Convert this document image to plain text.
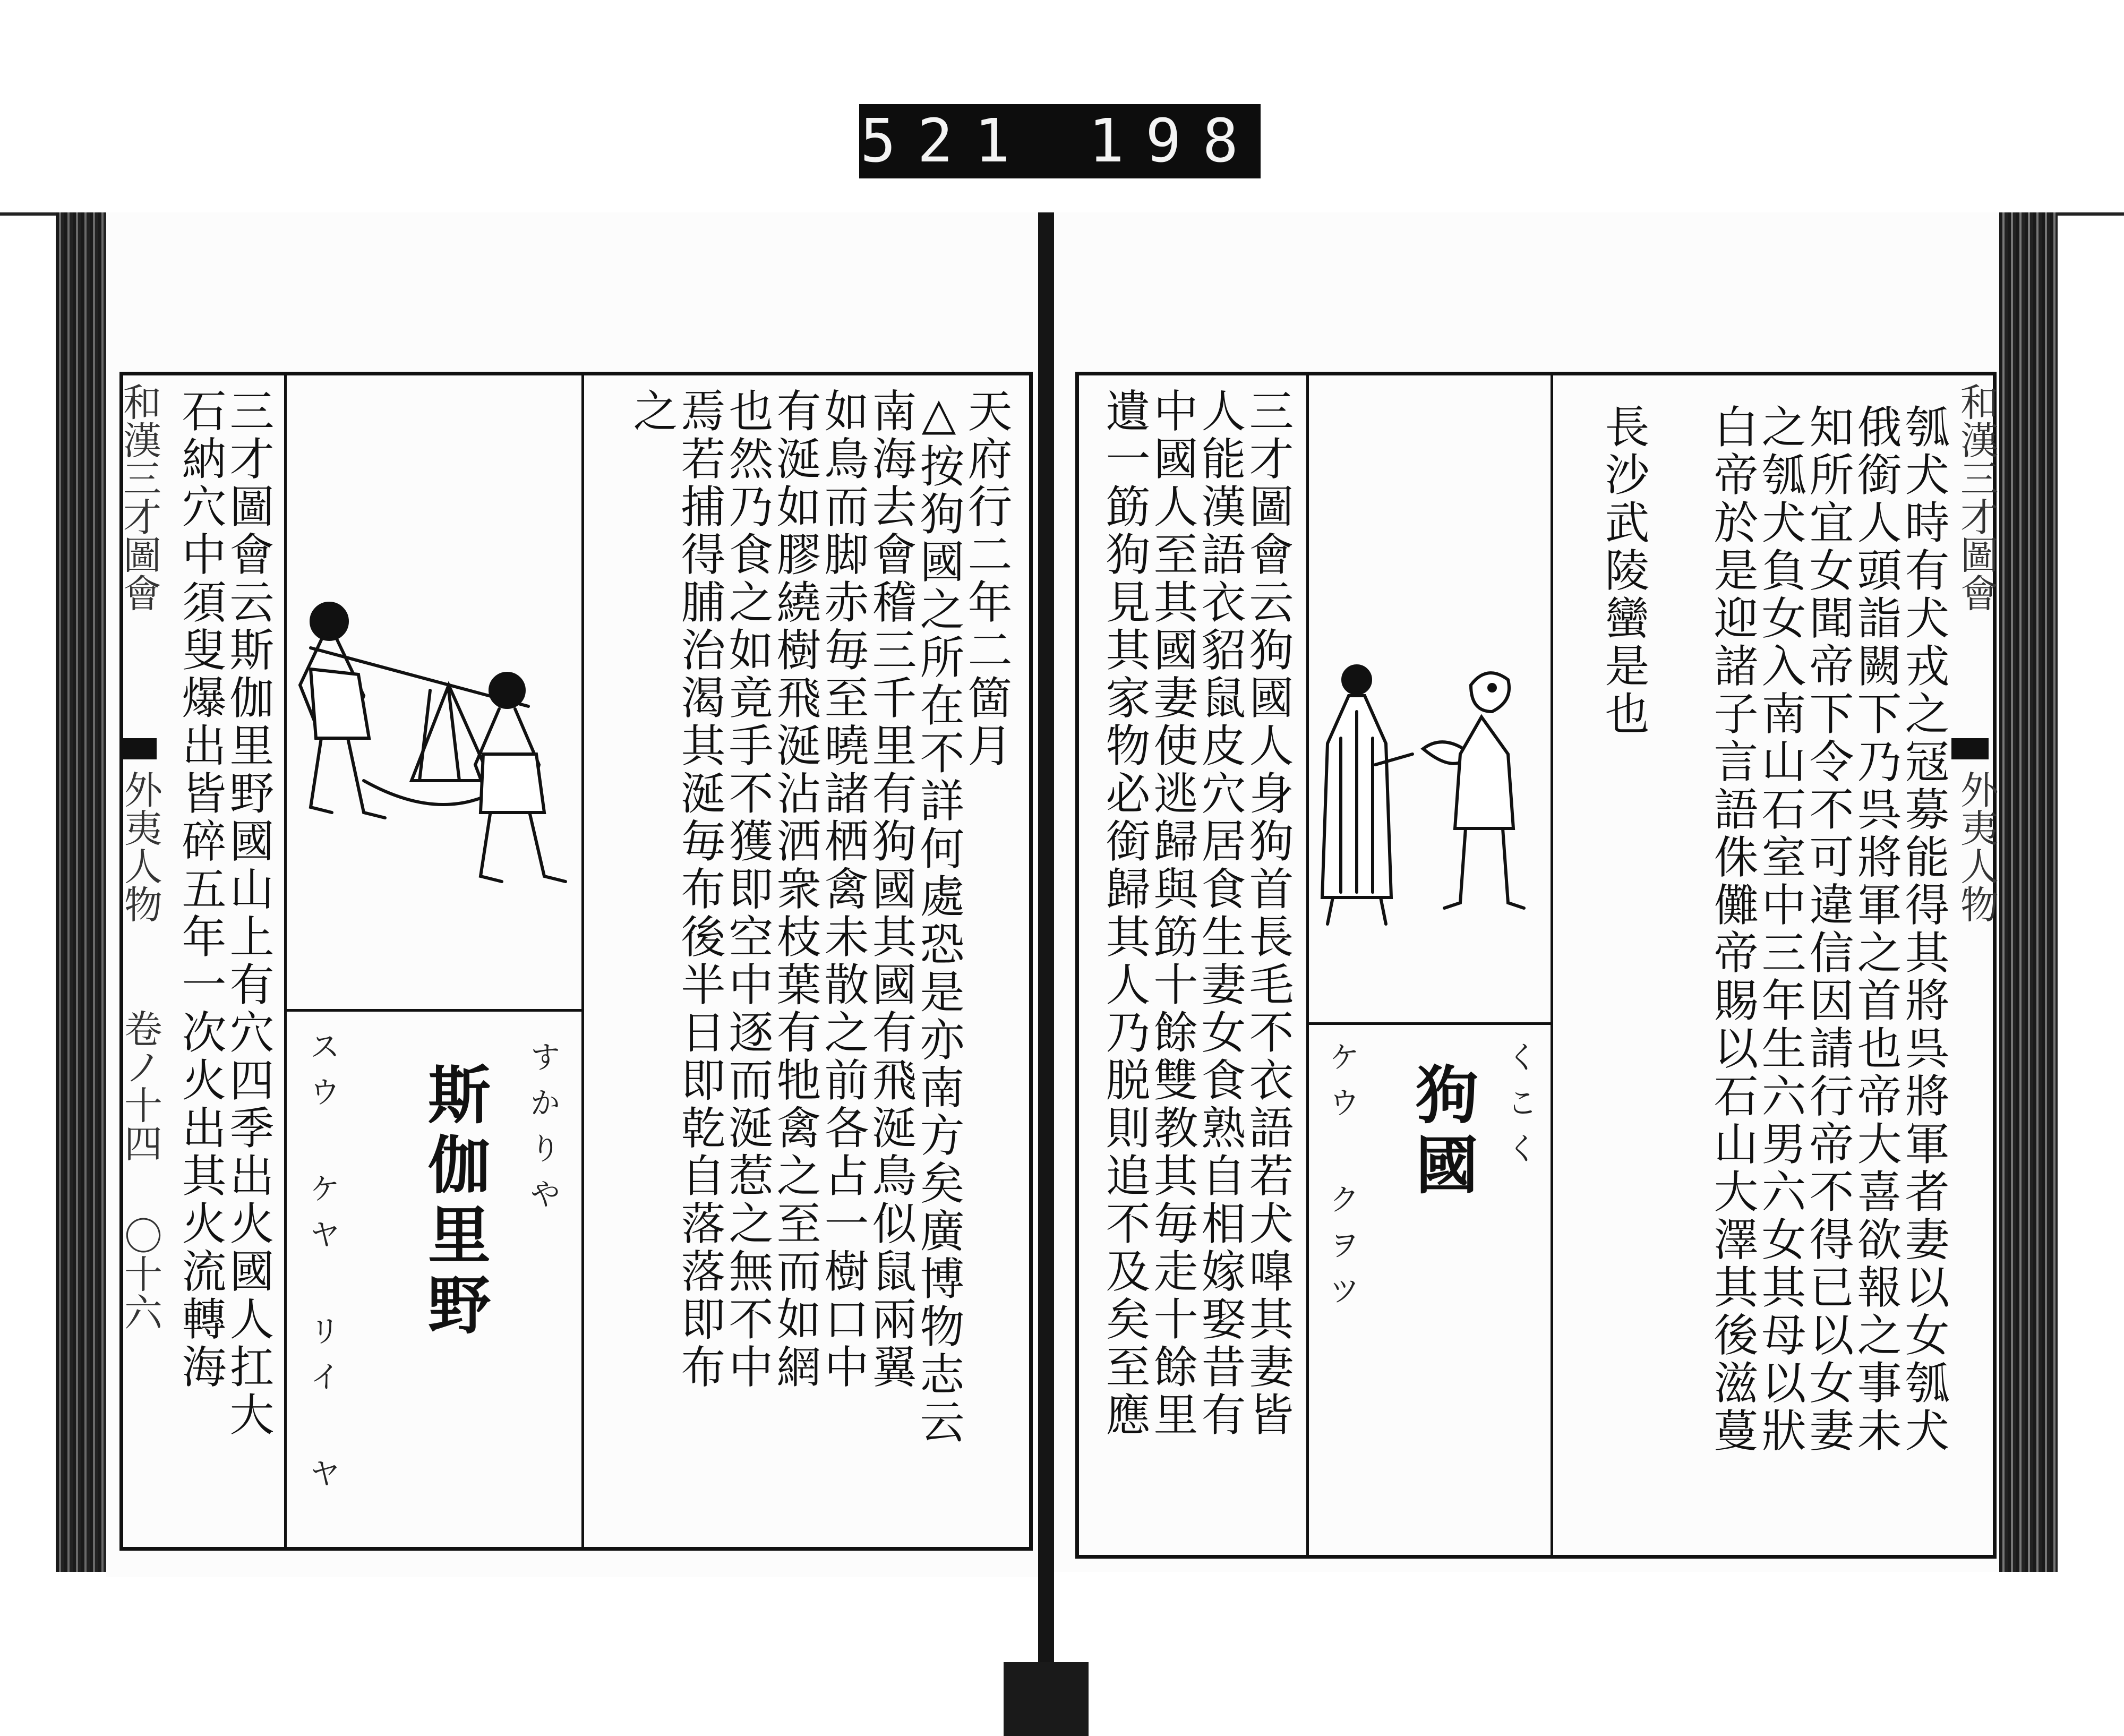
521 198
和漢三才圖會
外夷人物
卷ノ十四
〇十六
天府行二年二箇月
△按狗國之所在不詳何處恐是亦南方矣廣博物志云
南海去會稽三千里有狗國其國有飛涎鳥似鼠兩翼
如鳥而脚赤毎至曉諸栖禽未散之前各占一樹口中
有涎如膠繞樹飛涎沾洒衆枝葉有牠禽之至而如網
也然乃食之如竟手不獲即空中逐而涎惹之無不中
焉若捕得脯治渴其涎毎布後半日即乾自落落即布
之
すかりや
斯伽里野
スウ ケヤ リイ ヤ
三才圖會云斯伽里野國山上有穴四季出火國人扛大
石納穴中須叟爆出皆碎五年一次火出其火流轉海	和漢三才圖會
外夷人物
瓠犬時有犬戎之冦募能得其將呉將軍者妻以女瓠犬
俄銜人頭詣闕下乃呉將軍之首也帝大喜欲報之事未
知所宜女聞帝下令不可違信因請行帝不得已以女妻
之瓠犬負女入南山石室中三年生六男六女其母以狀
白帝於是迎諸子言語侏儺帝賜以石山大澤其後滋蔓
長沙武陵蠻是也
くこく
狗國
ケウ クヲツ
三才圖會云狗國人身狗首長毛不衣語若犬嘷其妻皆
人能漢語衣貂鼠皮穴居食生妻女食熟自相嫁娶昔有
中國人至其國妻使逃歸與筯十餘雙教其毎走十餘里
遺一筯狗見其家物必銜歸其人乃脱則追不及矣至應
